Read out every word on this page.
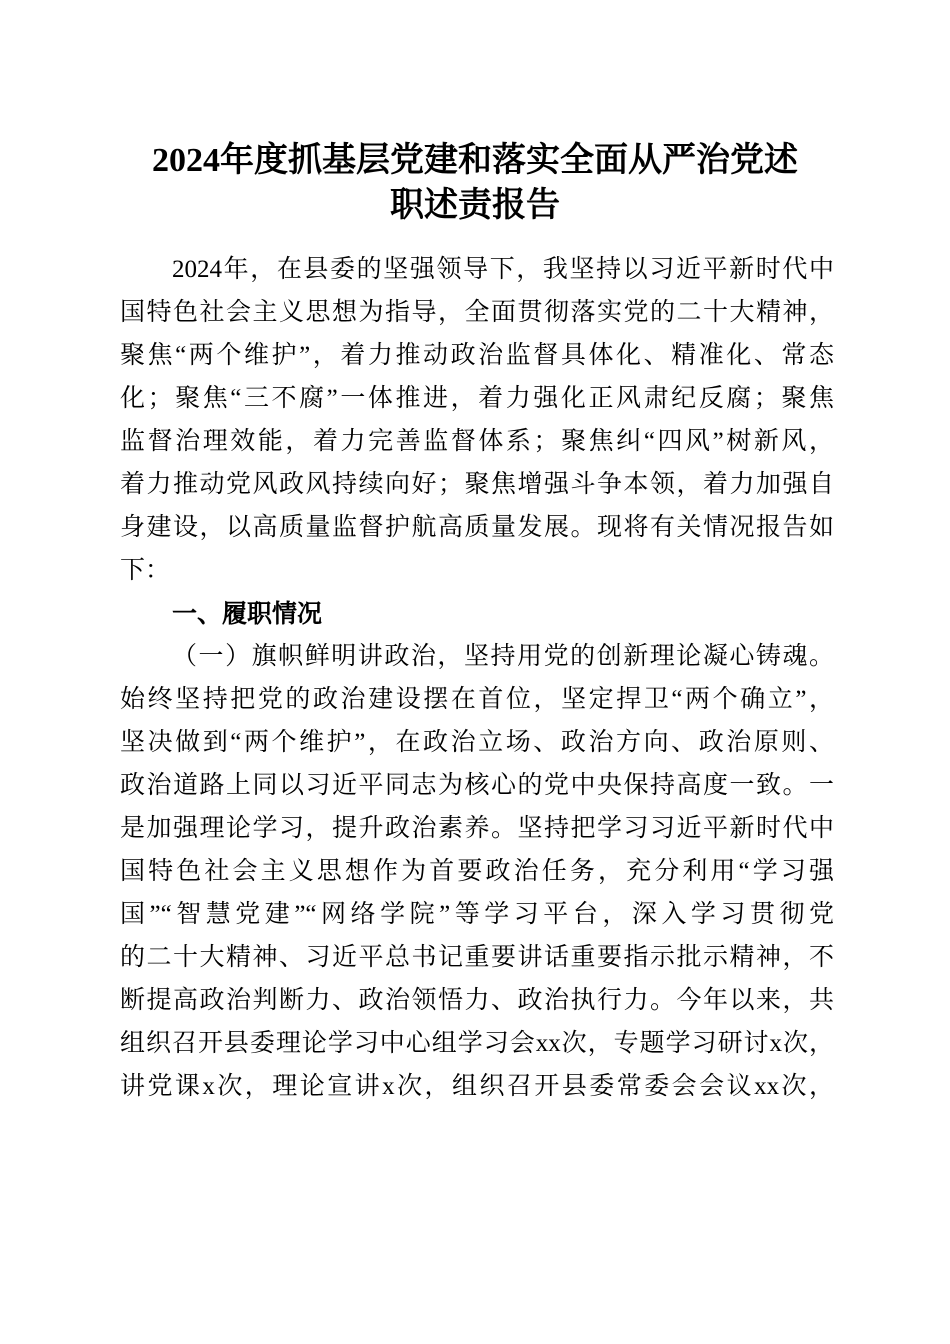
2024年度抓基层党建和落实全面从严治党述
职述责报告
2024年，在县委的坚强领导下，我坚持以习近平新时代中
国特色社会主义思想为指导，全面贯彻落实党的二十大精神，
聚焦“两个维护”，着力推动政治监督具体化、精准化、常态
化；聚焦“三不腐”一体推进，着力强化正风肃纪反腐；聚焦
监督治理效能，着力完善监督体系；聚焦纠“四风”树新风，
着力推动党风政风持续向好；聚焦增强斗争本领，着力加强自
身建设，以高质量监督护航高质量发展。现将有关情况报告如
下：
一、履职情况
（一）旗帜鲜明讲政治，坚持用党的创新理论凝心铸魂。
始终坚持把党的政治建设摆在首位，坚定捍卫“两个确立”，
坚决做到“两个维护”，在政治立场、政治方向、政治原则、
政治道路上同以习近平同志为核心的党中央保持高度一致。一
是加强理论学习，提升政治素养。坚持把学习习近平新时代中
国特色社会主义思想作为首要政治任务，充分利用“学习强
国”“智慧党建”“网络学院”等学习平台，深入学习贯彻党
的二十大精神、习近平总书记重要讲话重要指示批示精神，不
断提高政治判断力、政治领悟力、政治执行力。今年以来，共
组织召开县委理论学习中心组学习会xx次，专题学习研讨x次，
讲党课x次，理论宣讲x次，组织召开县委常委会会议xx次，
